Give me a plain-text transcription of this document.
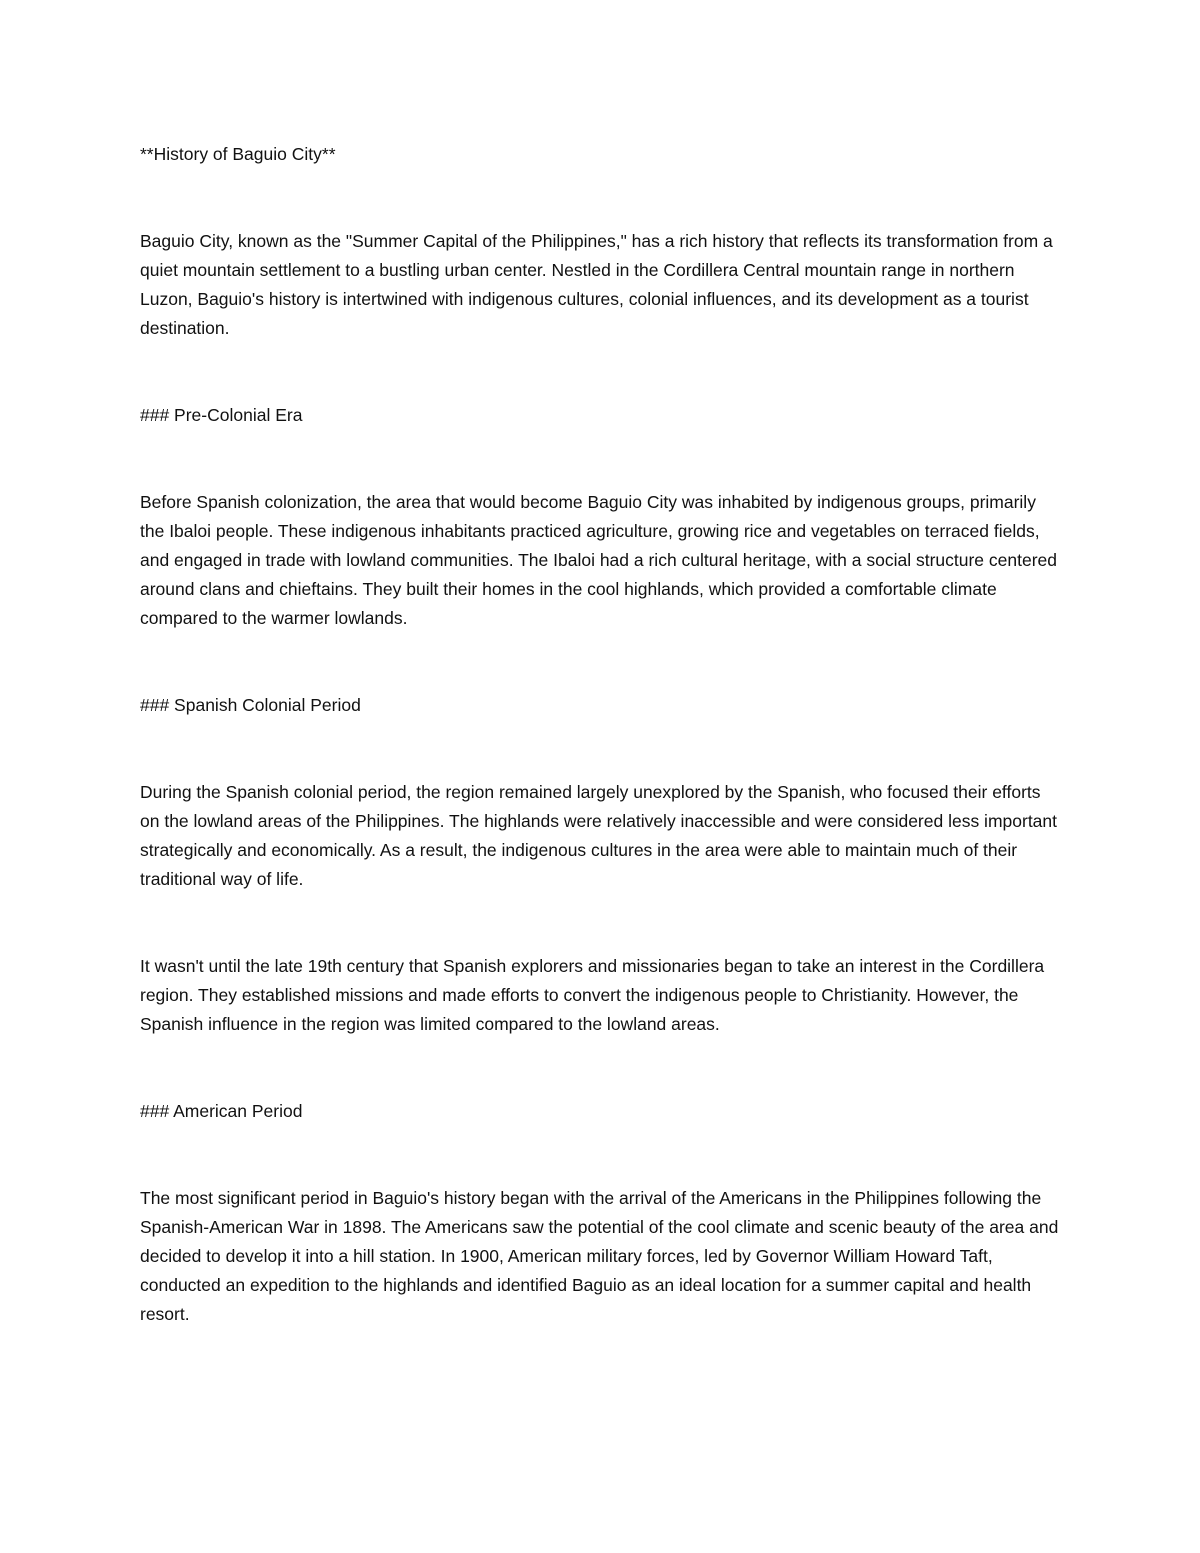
**History of Baguio City**

Baguio City, known as the "Summer Capital of the Philippines," has a rich history that reflects its transformation from a quiet mountain settlement to a bustling urban center. Nestled in the Cordillera Central mountain range in northern Luzon, Baguio's history is intertwined with indigenous cultures, colonial influences, and its development as a tourist destination.

### Pre-Colonial Era

Before Spanish colonization, the area that would become Baguio City was inhabited by indigenous groups, primarily the Ibaloi people. These indigenous inhabitants practiced agriculture, growing rice and vegetables on terraced fields, and engaged in trade with lowland communities. The Ibaloi had a rich cultural heritage, with a social structure centered around clans and chieftains. They built their homes in the cool highlands, which provided a comfortable climate compared to the warmer lowlands.

### Spanish Colonial Period

During the Spanish colonial period, the region remained largely unexplored by the Spanish, who focused their efforts on the lowland areas of the Philippines. The highlands were relatively inaccessible and were considered less important strategically and economically. As a result, the indigenous cultures in the area were able to maintain much of their traditional way of life.

It wasn't until the late 19th century that Spanish explorers and missionaries began to take an interest in the Cordillera region. They established missions and made efforts to convert the indigenous people to Christianity. However, the Spanish influence in the region was limited compared to the lowland areas.

### American Period

The most significant period in Baguio's history began with the arrival of the Americans in the Philippines following the Spanish-American War in 1898. The Americans saw the potential of the cool climate and scenic beauty of the area and decided to develop it into a hill station. In 1900, American military forces, led by Governor William Howard Taft, conducted an expedition to the highlands and identified Baguio as an ideal location for a summer capital and health resort.
